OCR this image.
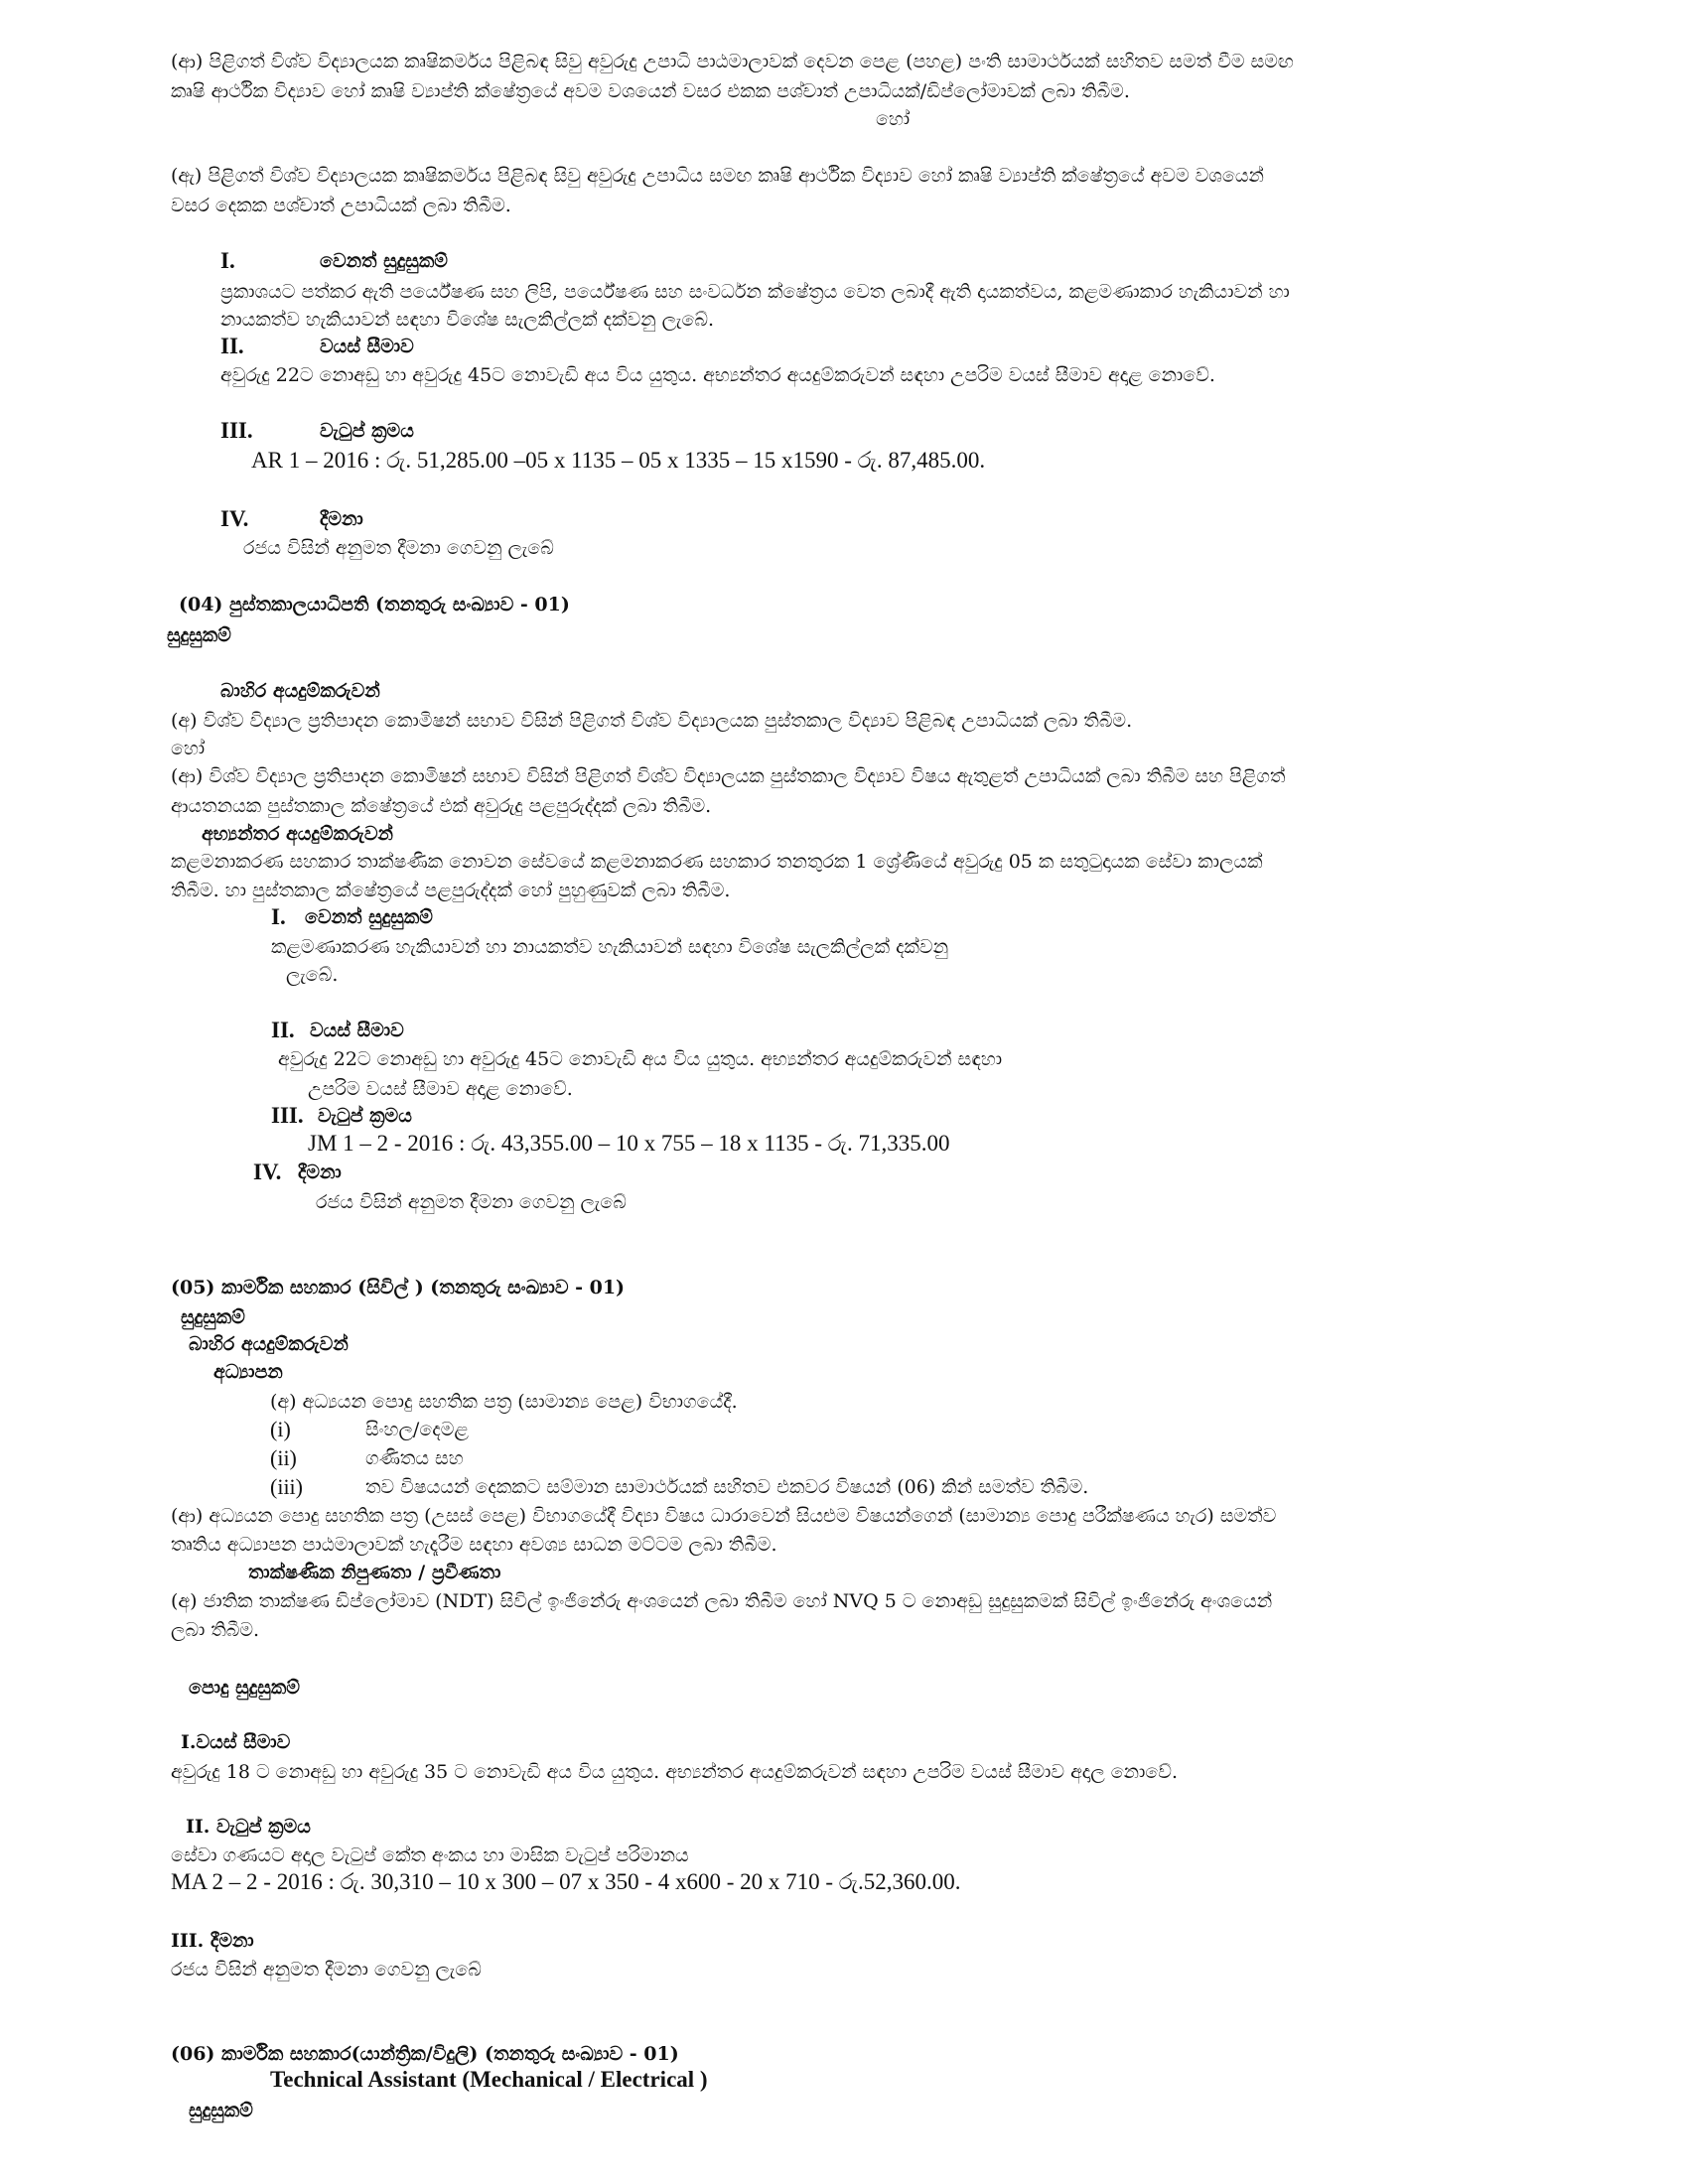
(ආ) පිළිගත් විශ්ව විද්‍යාලයක කෘෂිකර්මය පිළිබඳ සිවු අවුරුදු උපාධි පාඨමාලාවක් දෙවන පෙළ (පහළ) පංති සාමාර්ථයක් සහිතව සමත් වීම සමඟ
කෘෂි ආර්ථික විද්‍යාව හෝ කෘෂි ව්‍යාප්ති ක්ෂේත්‍රයේ අවම වශයෙන් වසර එකක පශ්චාත් උපාධියක්/ඩිප්ලෝමාවක් ලබා තිබීම.
හෝ
(ඇ) පිළිගත් විශ්ව විද්‍යාලයක කෘෂිකර්මය පිළිබඳ සිවු අවුරුදු උපාධිය සමඟ කෘෂි ආර්ථික විද්‍යාව හෝ කෘෂි ව්‍යාප්ති ක්ෂේත්‍රයේ අවම වශයෙන්
වසර දෙකක පශ්චාත් උපාධියක් ලබා තිබීම.
I.	වෙනත් සුදුසුකම්
ප්‍රකාශයට පත්කර ඇති පර්යේෂණ සහ ලිපි, පර්යේෂණ සහ සංවර්ධන ක්ෂේත්‍රය වෙත ලබාදී ඇති දායකත්වය, කළමණාකාර හැකියාවන් හා
නායකත්ව හැකියාවන් සඳහා විශේෂ සැලකිල්ලක් දක්වනු ලැබේ.
II.	වයස් සීමාව
අවුරුදු 22ට නොඅඩු හා අවුරුදු 45ට නොවැඩි අය විය යුතුය. අභ්‍යන්තර අයදුම්කරුවන් සඳහා උපරිම වයස් සීමාව අදාළ නොවේ.
III.	වැටුප් ක්‍රමය
AR 1 – 2016 : රු. 51,285.00 –05 x 1135 – 05 x 1335 – 15 x1590 - රු. 87,485.00.
IV.	දීමනා
රජය විසින් අනුමත දීමනා ගෙවනු ලැබේ
(04) පුස්තකාලයාධිපති (තනතුරු සංඛ්‍යාව - 01)
සුදුසුකම්
බාහිර අයදුම්කරුවන්
(අ) විශ්ව විද්‍යාල ප්‍රතිපාදන කොමිෂන් සභාව විසින් පිළිගත් විශ්ව විද්‍යාලයක පුස්තකාල විද්‍යාව පිළිබඳ උපාධියක් ලබා තිබීම.
හෝ
(ආ) විශ්ව විද්‍යාල ප්‍රතිපාදන කොමිෂන් සභාව විසින් පිළිගත් විශ්ව විද්‍යාලයක පුස්තකාල විද්‍යාව විෂය ඇතුළත් උපාධියක් ලබා තිබීම සහ පිළිගත්
ආයතනයක පුස්තකාල ක්ෂේත්‍රයේ එක් අවුරුදු පළපුරුද්දක් ලබා තිබීම.
අභ්‍යන්තර අයදුම්කරුවන්
කළමනාකරණ සහකාර තාක්ෂණික නොවන සේවයේ කළමනාකරණ සහකාර තනතුරක 1 ශ්‍රේණියේ අවුරුදු 05 ක සතුටුදායක සේවා කාලයක්
තිබීම. හා පුස්තකාල ක්ෂේත්‍රයේ පළපුරුද්දක් හෝ පුහුණුවක් ලබා තිබීම.
I. වෙනත් සුදුසුකම්
කළමණාකරණ හැකියාවන් හා නායකත්ව හැකියාවන් සඳහා විශේෂ සැලකිල්ලක් දක්වනු
ලැබේ.
II. වයස් සීමාව
අවුරුදු 22ට නොඅඩු හා අවුරුදු 45ට නොවැඩි අය විය යුතුය. අභ්‍යන්තර අයදුම්කරුවන් සඳහා
උපරිම වයස් සීමාව අදාළ නොවේ.
III. වැටුප් ක්‍රමය
JM 1 – 2 - 2016 : රු. 43,355.00 – 10 x 755 – 18 x 1135 - රු. 71,335.00
IV. දීමනා
රජය විසින් අනුමත දීමනා ගෙවනු ලැබේ
(05) කාර්මික සහකාර (සිවිල් ) (තනතුරු සංඛ්‍යාව - 01)
සුදුසුකම්
බාහිර අයදුම්කරුවන්
අධ්‍යාපන
(අ) අධ්‍යයන පොදු සහතික පත්‍ර (සාමාන්‍ය පෙළ) විභාගයේදී.
(i)	සිංහල/දෙමළ
(ii)	ගණිතය සහ
(iii)	තව විෂයයන් දෙකකට සම්මාන සාමාර්ථයක් සහිතව එකවර විෂයන් (06) කින් සමත්ව තිබීම.
(ආ) අධ්‍යයන පොදු සහතික පත්‍ර (උසස් පෙළ) විභාගයේදී විද්‍යා විෂය ධාරාවෙන් සියළුම විෂයන්ගෙන් (සාමාන්‍ය පොදු පරීක්ෂණය හැර) සමත්ව
තෘතිය අධ්‍යාපන පාඨමාලාවක් හැදෑරීම සඳහා අවශ්‍ය සාධන මට්ටම ලබා තිබීම.
තාක්ෂණික නිපුණතා / ප්‍රවීණතා
(අ) ජාතික තාක්ෂණ ඩිප්ලෝමාව (NDT) සිවිල් ඉංජිනේරු අංශයෙන් ලබා තිබීම හෝ NVQ 5 ට නොඅඩු සුදුසුකමක් සිවිල් ඉංජිනේරු අංශයෙන්
ලබා තිබීම.
පොදු සුදුසුකම්
I.වයස් සීමාව
අවුරුදු 18 ට නොඅඩු හා අවුරුදු 35 ට නොවැඩි අය විය යුතුය. අභ්‍යන්තර අයදුම්කරුවන් සඳහා උපරිම වයස් සීමාව අදාල නොවේ.
II. වැටුප් ක්‍රමය
සේවා ගණයට අදාල වැටුප් කේත අංකය හා මාසික වැටුප් පරිමානය
MA 2 – 2 - 2016 : රු. 30,310 – 10 x 300 – 07 x 350 - 4 x600 - 20 x 710 - රු.52,360.00.
III. දීමනා
රජය විසින් අනුමත දීමනා ගෙවනු ලැබේ
(06) කාර්මික සහකාර(යාන්ත්‍රික/විදුලි) (තනතුරු සංඛ්‍යාව - 01)
Technical Assistant (Mechanical / Electrical )
සුදුසුකම්
